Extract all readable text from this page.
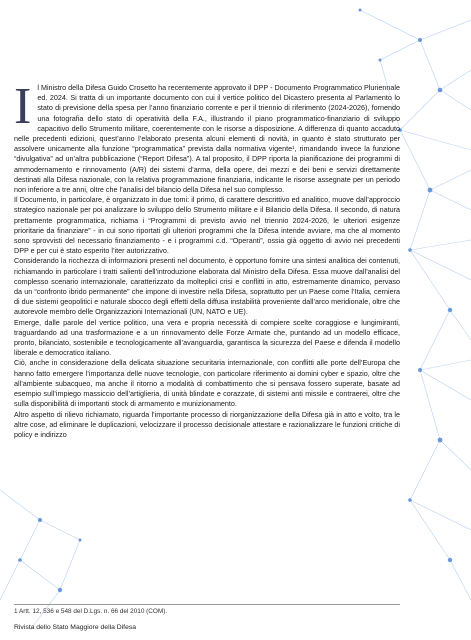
Il Ministro della Difesa Guido Crosetto ha recentemente approvato il DPP - Documento Programmatico Pluriennale ed. 2024. Si tratta di un importante documento con cui il vertice politico del Dicastero presenta al Parlamento lo stato di previsione della spesa per l’anno finanziario corrente e per il triennio di riferimento (2024-2026), fornendo una fotografia dello stato di operatività della F.A., illustrando il piano programmatico-finanziario di sviluppo capacitivo dello Strumento militare, coerentemente con le risorse a disposizione. A differenza di quanto accaduto nelle precedenti edizioni, quest’anno l’elaborato presenta alcuni elementi di novità, in quanto è stato strutturato per assolvere unicamente alla funzione “programmatica” prevista dalla normativa vigente¹, rimandando invece la funzione “divulgativa” ad un’altra pubblicazione (“Report Difesa”). A tal proposito, il DPP riporta la pianificazione dei programmi di ammodernamento e rinnovamento (A/R) dei sistemi d’arma, della opere, dei mezzi e dei beni e servizi direttamente destinati alla Difesa nazionale, con la relativa programmazione finanziaria, indicante le risorse assegnate per un periodo non inferiore a tre anni, oltre che l’analisi del bilancio della Difesa nel suo complesso.

Il Documento, in particolare, è organizzato in due tomi: il primo, di carattere descrittivo ed analitico, muove dall’approccio strategico nazionale per poi analizzare lo sviluppo dello Strumento militare e il Bilancio della Difesa. Il secondo, di natura prettamente programmatica, richiama i “Programmi di previsto avvio nel triennio 2024-2026, le ulteriori esigenze prioritarie da finanziare” - in cui sono riportati gli ulteriori programmi che la Difesa intende avviare, ma che al momento sono sprovvisti del necessario finanziamento - e i programmi c.d. “Operanti”, ossia già oggetto di avvio nei precedenti DPP e per cui è stato esperito l’iter autorizzativo.

Considerando la ricchezza di informazioni presenti nel documento, è opportuno fornire una sintesi analitica dei contenuti, richiamando in particolare i tratti salienti dell’introduzione elaborata dal Ministro della Difesa. Essa muove dall’analisi del complesso scenario internazionale, caratterizzato da molteplici crisi e conflitti in atto, estremamente dinamico, pervaso da un “confronto ibrido permanente” che impone di investire nella Difesa, soprattutto per un Paese come l’Italia, cerniera di due sistemi geopolitici e naturale sbocco degli effetti della diffusa instabilità proveniente dall’arco meridionale, oltre che autorevole membro delle Organizzazioni Internazionali (UN, NATO e UE).

Emerge, dalle parole del vertice politico, una vera e propria necessità di compiere scelte coraggiose e lungimiranti, traguardando ad una trasformazione e a un rinnovamento delle Forze Armate che, puntando ad un modello efficace, pronto, bilanciato, sostenibile e tecnologicamente all’avanguardia, garantisca la sicurezza del Paese e difenda il modello liberale e democratico italiano.

Ciò, anche in considerazione della delicata situazione securitaria internazionale, con conflitti alle porte dell’Europa che hanno fatto emergere l’importanza delle nuove tecnologie, con particolare riferimento ai domini cyber e spazio, oltre che all’ambiente subacqueo, ma anche il ritorno a modalità di combattimento che si pensava fossero superate, basate ad esempio sull’impiego massiccio dell’artiglieria, di unità blindate e corazzate, di sistemi anti missile e contraerei, oltre che sulla disponibilità di importanti stock di armamento e munizionamento.

Altro aspetto di rilievo richiamato, riguarda l’importante processo di riorganizzazione della Difesa già in atto e volto, tra le altre cose, ad eliminare le duplicazioni, velocizzare il processo decisionale attestare e razionalizzare le funzioni critiche di policy e indirizzo

1 Artt. 12, 536 e 548 del D.Lgs. n. 66 del 2010 (COM).
Rivista dello Stato Maggiore della Difesa
